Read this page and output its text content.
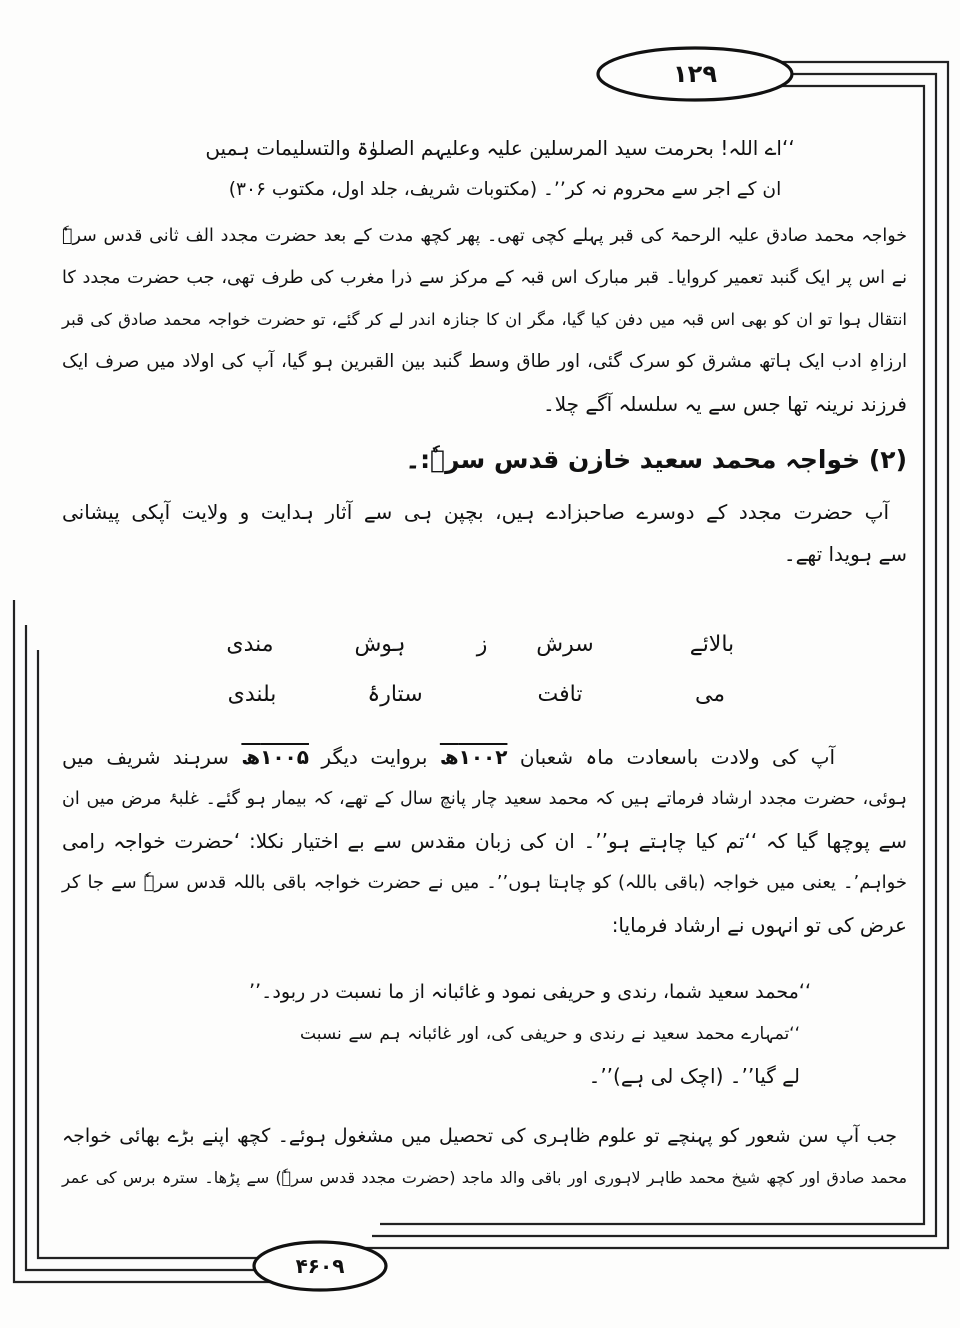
۱۲۹
۴۶۰۹
‘‘اے اللہ! بحرمت سید المرسلین علیہ وعلیہم الصلوٰۃ والتسلیمات ہمیں
ان کے اجر سے محروم نہ کر’’۔ (مکتوبات شریف، جلد اول، مکتوب ۳۰۶)
خواجہ محمد صادق علیہ الرحمۃ کی قبر پہلے کچی تھی۔ پھر کچھ مدت کے بعد حضرت مجدد الف ثانی قدس سرہٗ
نے اس پر ایک گنبد تعمیر کروایا۔ قبر مبارک اس قبہ کے مرکز سے ذرا مغرب کی طرف تھی، جب حضرت مجدد کا
انتقال ہوا تو ان کو بھی اس قبہ میں دفن کیا گیا، مگر ان کا جنازہ اندر لے کر گئے، تو حضرت خواجہ محمد صادق کی قبر
ارزاہِ ادب ایک ہاتھ مشرق کو سرک گئی، اور طاق وسط گنبد بین القبرین ہو گیا، آپ کی اولاد میں صرف ایک
فرزند نرینہ تھا جس سے یہ سلسلہ آگے چلا۔
(۲) خواجہ محمد سعید خازن قدس سرہٗ:۔
آپ حضرت مجدد کے دوسرے صاحبزادے ہیں، بچپن ہی سے آثار ہدایت و ولایت آپکی پیشانی
سے ہویدا تھے۔
بالائے
سرش
ز
ہوش
مندی
می
تافت
ستارۂ
بلندی
آپ کی ولادت باسعادت ماہ شعبان ۱۰۰۲ھ بروایت دیگر ۱۰۰۵ھ سرہند شریف میں
ہوئی، حضرت مجدد ارشاد فرماتے ہیں کہ محمد سعید چار پانچ سال کے تھے، کہ بیمار ہو گئے۔ غلبۂ مرض میں ان
سے پوچھا گیا کہ ‘‘تم کیا چاہتے ہو’’۔ ان کی زبان مقدس سے بے اختیار نکلا: ‘حضرت خواجہ رامی
خواہم’۔ یعنی میں خواجہ (باقی باللہ) کو چاہتا ہوں’’۔ میں نے حضرت خواجہ باقی باللہ قدس سرہٗ سے جا کر
عرض کی تو انہوں نے ارشاد فرمایا:
‘‘محمد سعید شما، رندی و حریفی نمود و غائبانہ از ما نسبت در ربود۔’’
‘‘تمہارے محمد سعید نے رندی و حریفی کی، اور غائبانہ ہم سے نسبت
لے گیا’’۔ (اچک لی ہے)’’۔
جب آپ سن شعور کو پہنچے تو علوم ظاہری کی تحصیل میں مشغول ہوئے۔ کچھ اپنے بڑے بھائی خواجہ
محمد صادق اور کچھ شیخ محمد طاہر لاہوری اور باقی والد ماجد (حضرت مجدد قدس سرہٗ) سے پڑھا۔ سترہ برس کی عمر
